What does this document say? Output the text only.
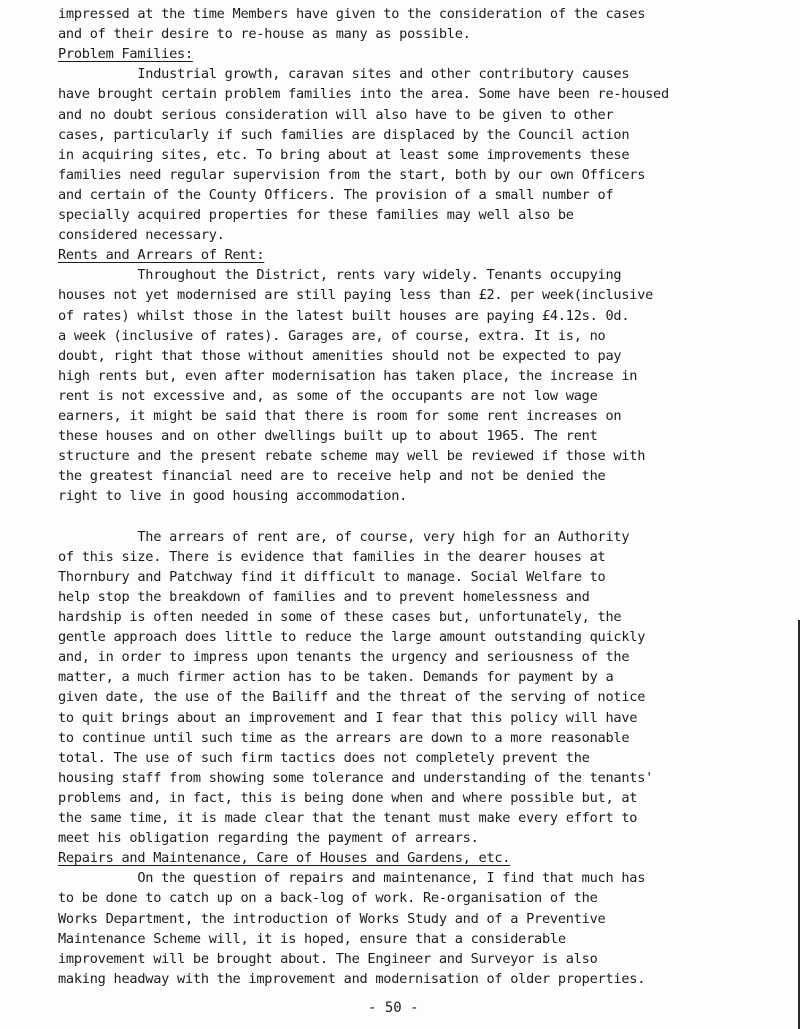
impressed at the time Members have given to the consideration of the cases
and of their desire to re-house as many as possible.
Problem Families:
Industrial growth, caravan sites and other contributory causes
have brought certain problem families into the area. Some have been re-housed
and no doubt serious consideration will also have to be given to other
cases, particularly if such families are displaced by the Council action
in acquiring sites, etc. To bring about at least some improvements these
families need regular supervision from the start, both by our own Officers
and certain of the County Officers. The provision of a small number of
specially acquired properties for these families may well also be
considered necessary.
Rents and Arrears of Rent:
Throughout the District, rents vary widely. Tenants occupying
houses not yet modernised are still paying less than £2. per week(inclusive
of rates) whilst those in the latest built houses are paying £4.12s. 0d.
a week (inclusive of rates). Garages are, of course, extra. It is, no
doubt, right that those without amenities should not be expected to pay
high rents but, even after modernisation has taken place, the increase in
rent is not excessive and, as some of the occupants are not low wage
earners, it might be said that there is room for some rent increases on
these houses and on other dwellings built up to about 1965. The rent
structure and the present rebate scheme may well be reviewed if those with
the greatest financial need are to receive help and not be denied the
right to live in good housing accommodation.
The arrears of rent are, of course, very high for an Authority
of this size. There is evidence that families in the dearer houses at
Thornbury and Patchway find it difficult to manage. Social Welfare to
help stop the breakdown of families and to prevent homelessness and
hardship is often needed in some of these cases but, unfortunately, the
gentle approach does little to reduce the large amount outstanding quickly
and, in order to impress upon tenants the urgency and seriousness of the
matter, a much firmer action has to be taken. Demands for payment by a
given date, the use of the Bailiff and the threat of the serving of notice
to quit brings about an improvement and I fear that this policy will have
to continue until such time as the arrears are down to a more reasonable
total. The use of such firm tactics does not completely prevent the
housing staff from showing some tolerance and understanding of the tenants'
problems and, in fact, this is being done when and where possible but, at
the same time, it is made clear that the tenant must make every effort to
meet his obligation regarding the payment of arrears.
Repairs and Maintenance, Care of Houses and Gardens, etc.
On the question of repairs and maintenance, I find that much has
to be done to catch up on a back-log of work. Re-organisation of the
Works Department, the introduction of Works Study and of a Preventive
Maintenance Scheme will, it is hoped, ensure that a considerable
improvement will be brought about. The Engineer and Surveyor is also
making headway with the improvement and modernisation of older properties.
- 50 -
